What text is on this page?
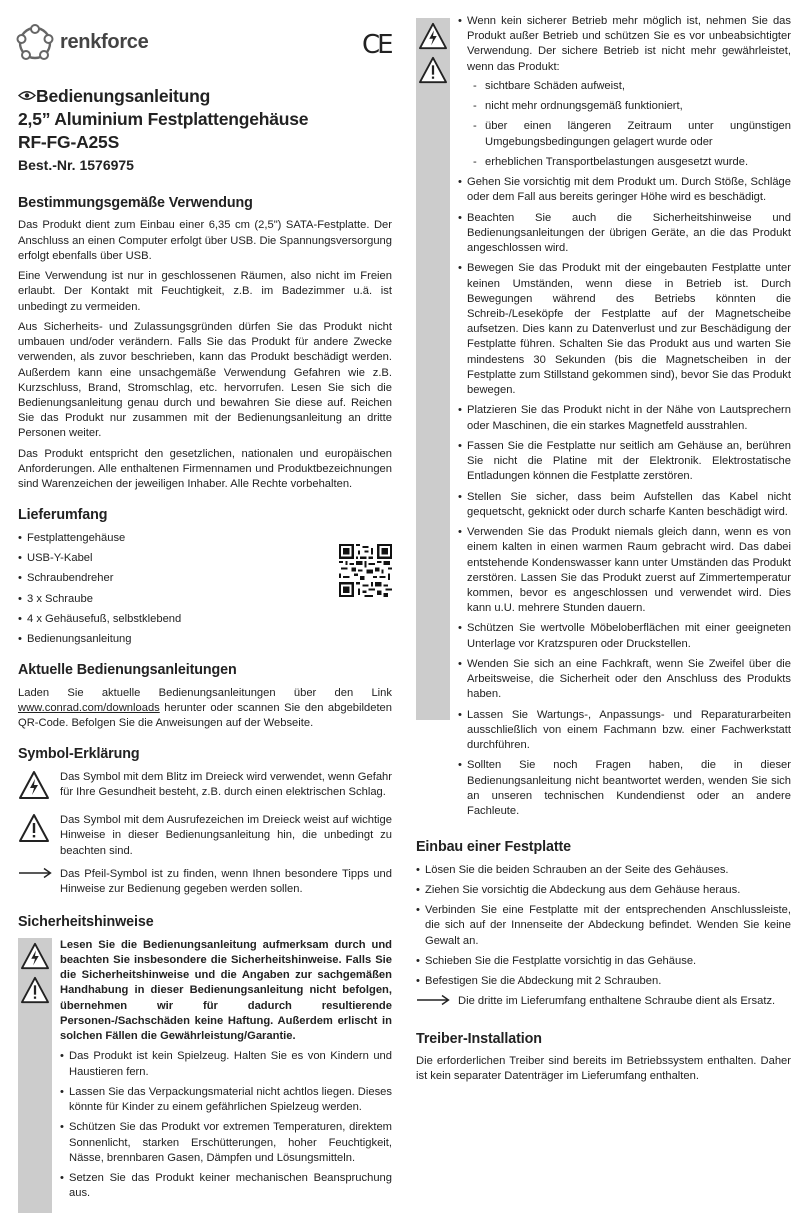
renkforce	CE
Bedienungsanleitung
2,5” Aluminium Festplattengehäuse
RF-FG-A25S
Best.-Nr. 1576975
Bestimmungsgemäße Verwendung

Das Produkt dient zum Einbau einer 6,35 cm (2,5") SATA-Festplatte. Der Anschluss an einen Computer erfolgt über USB. Die Spannungsversorgung erfolgt ebenfalls über USB.

Eine Verwendung ist nur in geschlossenen Räumen, also nicht im Freien erlaubt. Der Kontakt mit Feuchtigkeit, z.B. im Badezimmer u.ä. ist unbedingt zu vermeiden.

Aus Sicherheits- und Zulassungsgründen dürfen Sie das Produkt nicht umbauen und/oder verändern. Falls Sie das Produkt für andere Zwecke verwenden, als zuvor beschrieben, kann das Produkt beschädigt werden. Außerdem kann eine unsachgemäße Verwendung Gefahren wie z.B. Kurzschluss, Brand, Stromschlag, etc. hervorrufen. Lesen Sie sich die Bedienungsanleitung genau durch und bewahren Sie diese auf. Reichen Sie das Produkt nur zusammen mit der Bedienungsanleitung an dritte Personen weiter.

Das Produkt entspricht den gesetzlichen, nationalen und europäischen Anforderungen. Alle enthaltenen Firmennamen und Produktbezeichnungen sind Warenzeichen der jeweiligen Inhaber. Alle Rechte vorbehalten.

Lieferumfang
• Festplattengehäuse
• USB-Y-Kabel
• Schraubendreher
• 3 x Schraube
• 4 x Gehäusefuß, selbstklebend
• Bedienungsanleitung
Aktuelle Bedienungsanleitungen

Laden Sie aktuelle Bedienungsanleitungen über den Link www.conrad.com/downloads herunter oder scannen Sie den abgebildeten QR-Code. Befolgen Sie die Anweisungen auf der Webseite.

Symbol-Erklärung
Das Symbol mit dem Blitz im Dreieck wird verwendet, wenn Gefahr für Ihre Gesundheit besteht, z.B. durch einen elektrischen Schlag.
Das Symbol mit dem Ausrufezeichen im Dreieck weist auf wichtige Hinweise in dieser Bedienungsanleitung hin, die unbedingt zu beachten sind.
Das Pfeil-Symbol ist zu finden, wenn Ihnen besondere Tipps und Hinweise zur Bedienung gegeben werden sollen.
Sicherheitshinweise
Lesen Sie die Bedienungsanleitung aufmerksam durch und beachten Sie insbesondere die Sicherheitshinweise. Falls Sie die Sicherheitshinweise und die Angaben zur sachgemäßen Handhabung in dieser Bedienungsanleitung nicht befolgen, übernehmen wir für dadurch resultierende Personen-/Sachschäden keine Haftung. Außerdem erlischt in solchen Fällen die Gewährleistung/Garantie.
• Das Produkt ist kein Spielzeug. Halten Sie es von Kindern und Haustieren fern.
• Lassen Sie das Verpackungsmaterial nicht achtlos liegen. Dieses könnte für Kinder zu einem gefährlichen Spielzeug werden.
• Schützen Sie das Produkt vor extremen Temperaturen, direktem Sonnenlicht, starken Erschütterungen, hoher Feuchtigkeit, Nässe, brennbaren Gasen, Dämpfen und Lösungsmitteln.
• Setzen Sie das Produkt keiner mechanischen Beanspruchung aus.
• Wenn kein sicherer Betrieb mehr möglich ist, nehmen Sie das Produkt außer Betrieb und schützen Sie es vor unbeabsichtigter Verwendung. Der sichere Betrieb ist nicht mehr gewährleistet, wenn das Produkt:
- sichtbare Schäden aufweist,
- nicht mehr ordnungsgemäß funktioniert,
- über einen längeren Zeitraum unter ungünstigen Umgebungsbedingungen gelagert wurde oder
- erheblichen Transportbelastungen ausgesetzt wurde.
• Gehen Sie vorsichtig mit dem Produkt um. Durch Stöße, Schläge oder dem Fall aus bereits geringer Höhe wird es beschädigt.
• Beachten Sie auch die Sicherheitshinweise und Bedienungsanleitungen der übrigen Geräte, an die das Produkt angeschlossen wird.
• Bewegen Sie das Produkt mit der eingebauten Festplatte unter keinen Umständen, wenn diese in Betrieb ist. Durch Bewegungen während des Betriebs könnten die Schreib-/Leseköpfe der Festplatte auf der Magnetscheibe aufsetzen. Dies kann zu Datenverlust und zur Beschädigung der Festplatte führen. Schalten Sie das Produkt aus und warten Sie mindestens 30 Sekunden (bis die Magnetscheiben in der Festplatte zum Stillstand gekommen sind), bevor Sie das Produkt bewegen.
• Platzieren Sie das Produkt nicht in der Nähe von Lautsprechern oder Maschinen, die ein starkes Magnetfeld ausstrahlen.
• Fassen Sie die Festplatte nur seitlich am Gehäuse an, berühren Sie nicht die Platine mit der Elektronik. Elektrostatische Entladungen können die Festplatte zerstören.
• Stellen Sie sicher, dass beim Aufstellen das Kabel nicht gequetscht, geknickt oder durch scharfe Kanten beschädigt wird.
• Verwenden Sie das Produkt niemals gleich dann, wenn es von einem kalten in einen warmen Raum gebracht wird. Das dabei entstehende Kondenswasser kann unter Umständen das Produkt zerstören. Lassen Sie das Produkt zuerst auf Zimmertemperatur kommen, bevor es angeschlossen und verwendet wird. Dies kann u.U. mehrere Stunden dauern.
• Schützen Sie wertvolle Möbeloberflächen mit einer geeigneten Unterlage vor Kratzspuren oder Druckstellen.
• Wenden Sie sich an eine Fachkraft, wenn Sie Zweifel über die Arbeitsweise, die Sicherheit oder den Anschluss des Produkts haben.
• Lassen Sie Wartungs-, Anpassungs- und Reparaturarbeiten ausschließlich von einem Fachmann bzw. einer Fachwerkstatt durchführen.
• Sollten Sie noch Fragen haben, die in dieser Bedienungsanleitung nicht beantwortet werden, wenden Sie sich an unseren technischen Kundendienst oder an andere Fachleute.
Einbau einer Festplatte
• Lösen Sie die beiden Schrauben an der Seite des Gehäuses.
• Ziehen Sie vorsichtig die Abdeckung aus dem Gehäuse heraus.
• Verbinden Sie eine Festplatte mit der entsprechenden Anschlussleiste, die sich auf der Innenseite der Abdeckung befindet. Wenden Sie keine Gewalt an.
• Schieben Sie die Festplatte vorsichtig in das Gehäuse.
• Befestigen Sie die Abdeckung mit 2 Schrauben.
Die dritte im Lieferumfang enthaltene Schraube dient als Ersatz.
Treiber-Installation

Die erforderlichen Treiber sind bereits im Betriebssystem enthalten. Daher ist kein separater Datenträger im Lieferumfang enthalten.
